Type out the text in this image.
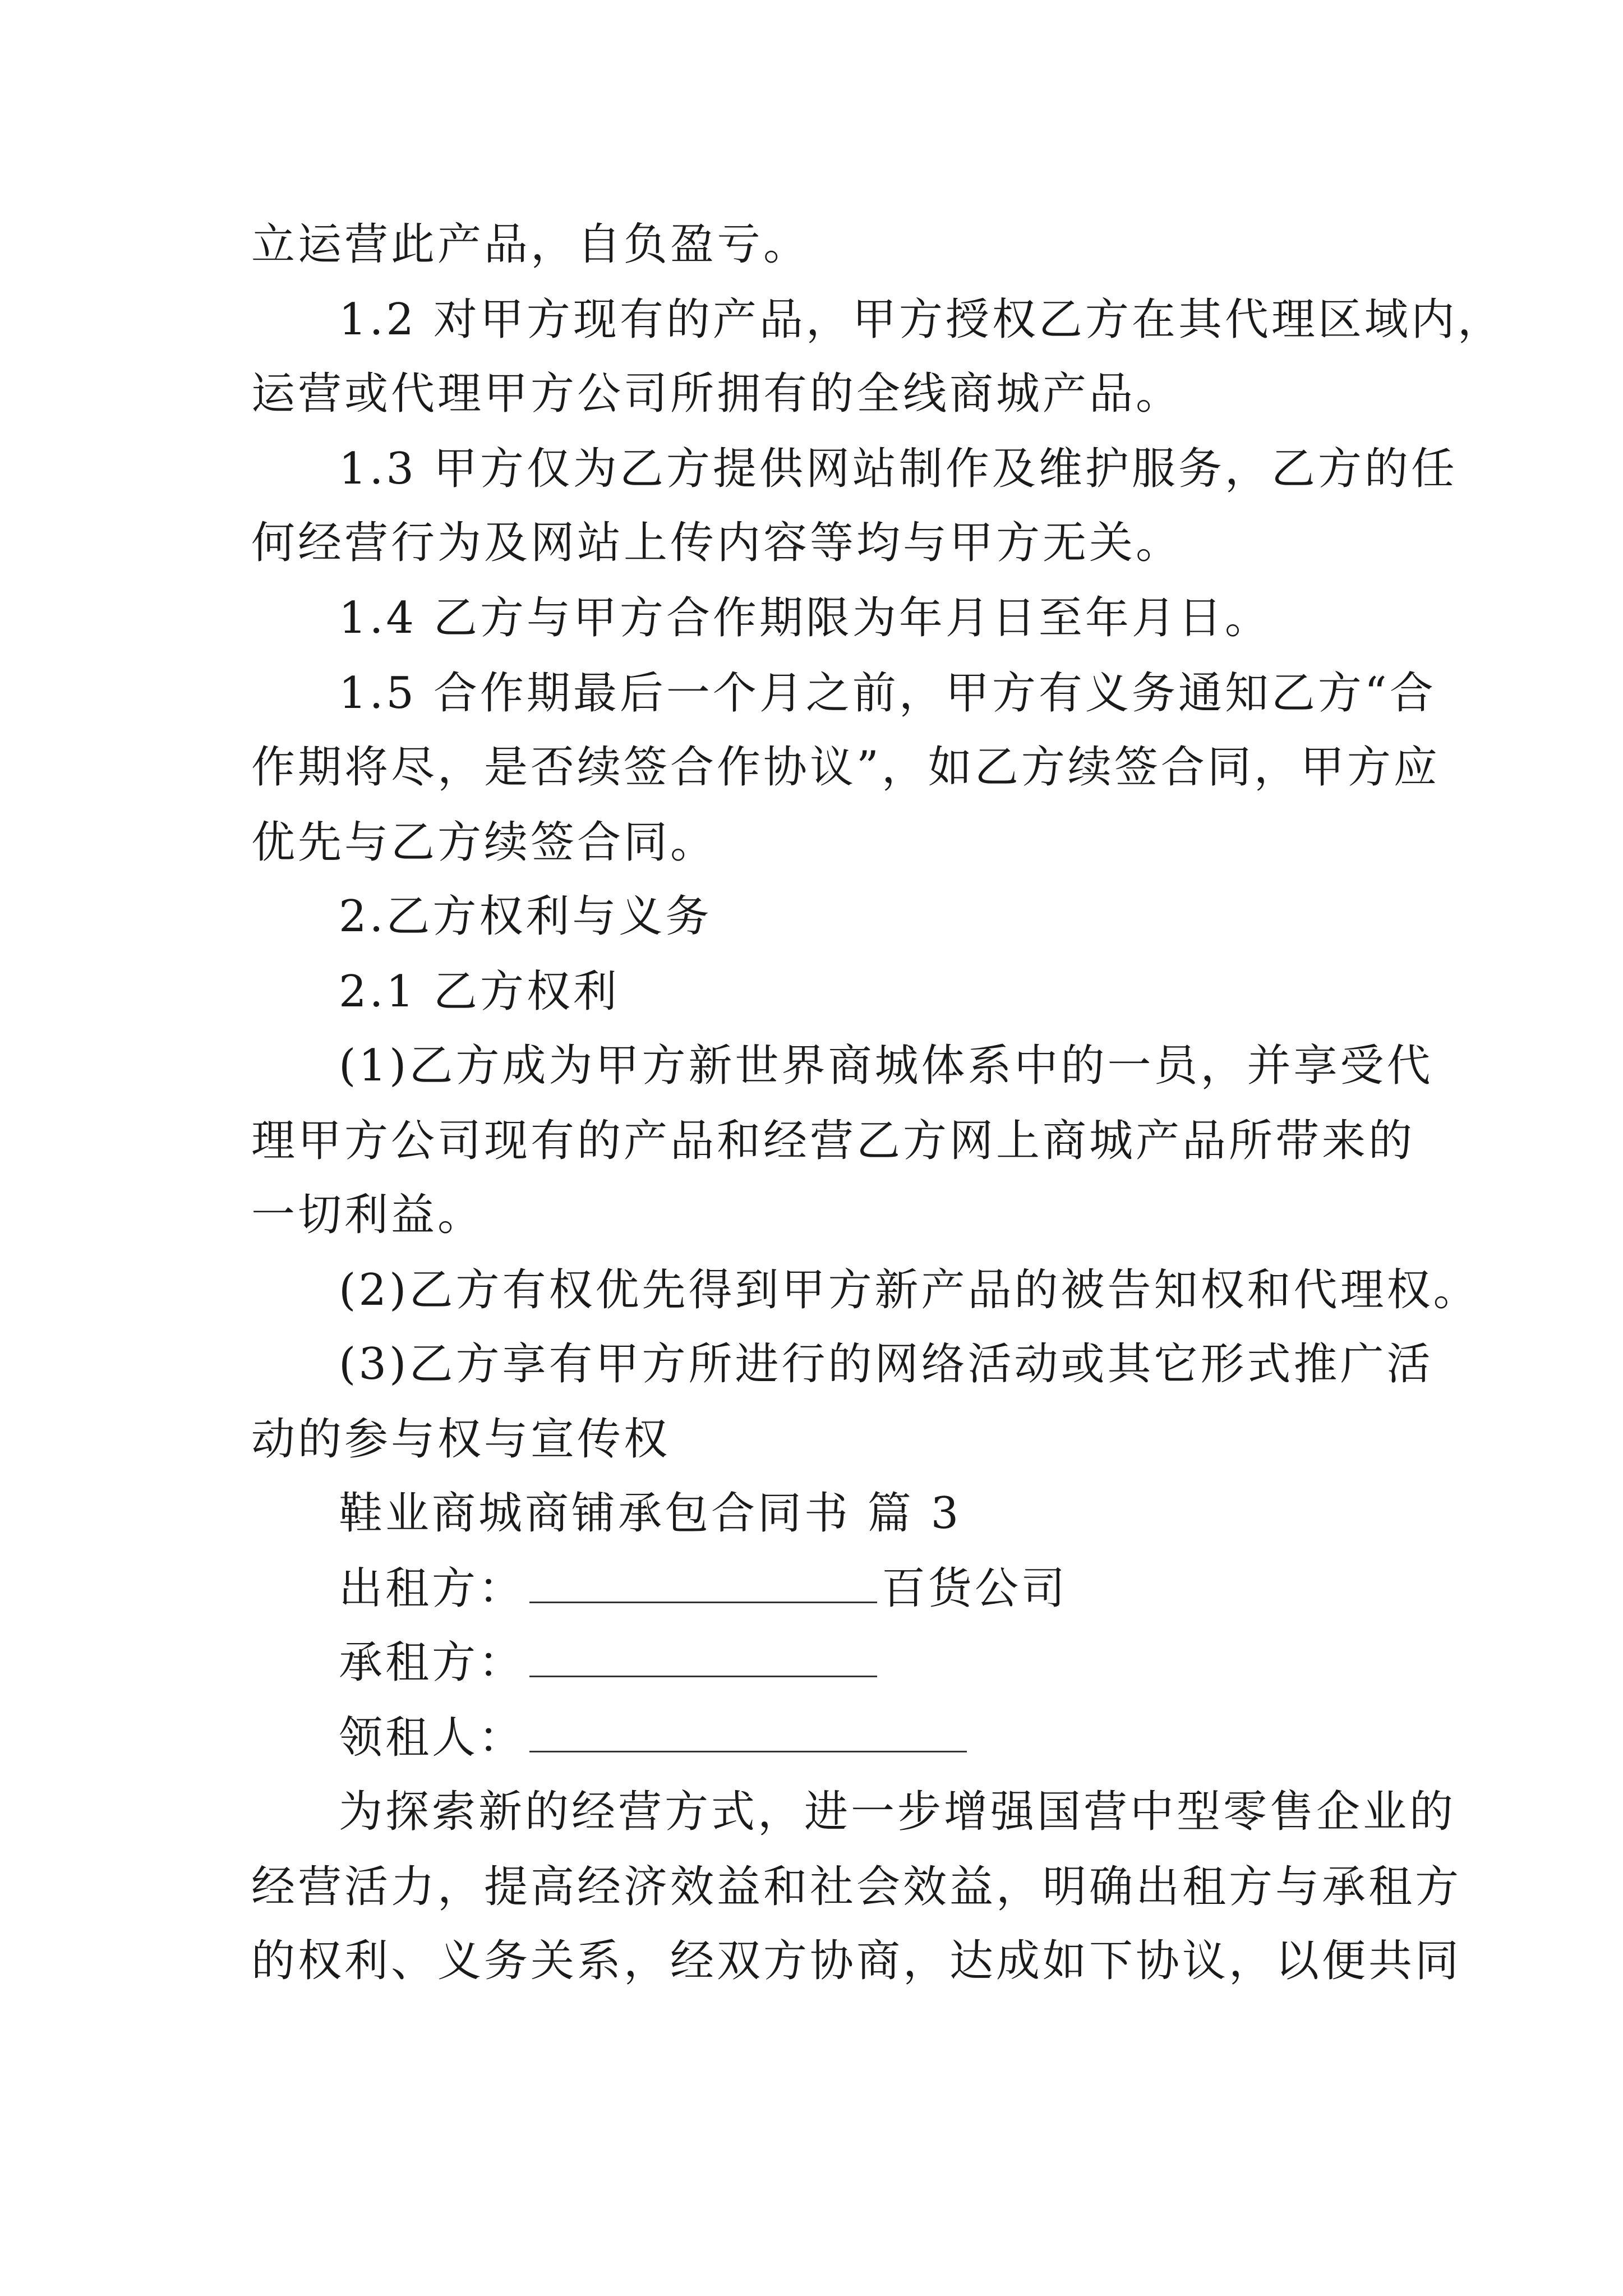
立运营此产品，自负盈亏。

1.2 对甲方现有的产品，甲方授权乙方在其代理区域内，

运营或代理甲方公司所拥有的全线商城产品。

1.3 甲方仅为乙方提供网站制作及维护服务，乙方的任

何经营行为及网站上传内容等均与甲方无关。

1.4 乙方与甲方合作期限为年月日至年月日。

1.5 合作期最后一个月之前，甲方有义务通知乙方“合

作期将尽，是否续签合作协议”，如乙方续签合同，甲方应

优先与乙方续签合同。

2.乙方权利与义务

2.1 乙方权利

(1)乙方成为甲方新世界商城体系中的一员，并享受代

理甲方公司现有的产品和经营乙方网上商城产品所带来的

一切利益。

(2)乙方有权优先得到甲方新产品的被告知权和代理权。

(3)乙方享有甲方所进行的网络活动或其它形式推广活

动的参与权与宣传权

鞋业商城商铺承包合同书 篇 3

出租方：	百货公司

承租方：

领租人：

为探索新的经营方式，进一步增强国营中型零售企业的

经营活力，提高经济效益和社会效益，明确出租方与承租方

的权利、义务关系，经双方协商，达成如下协议，以便共同
